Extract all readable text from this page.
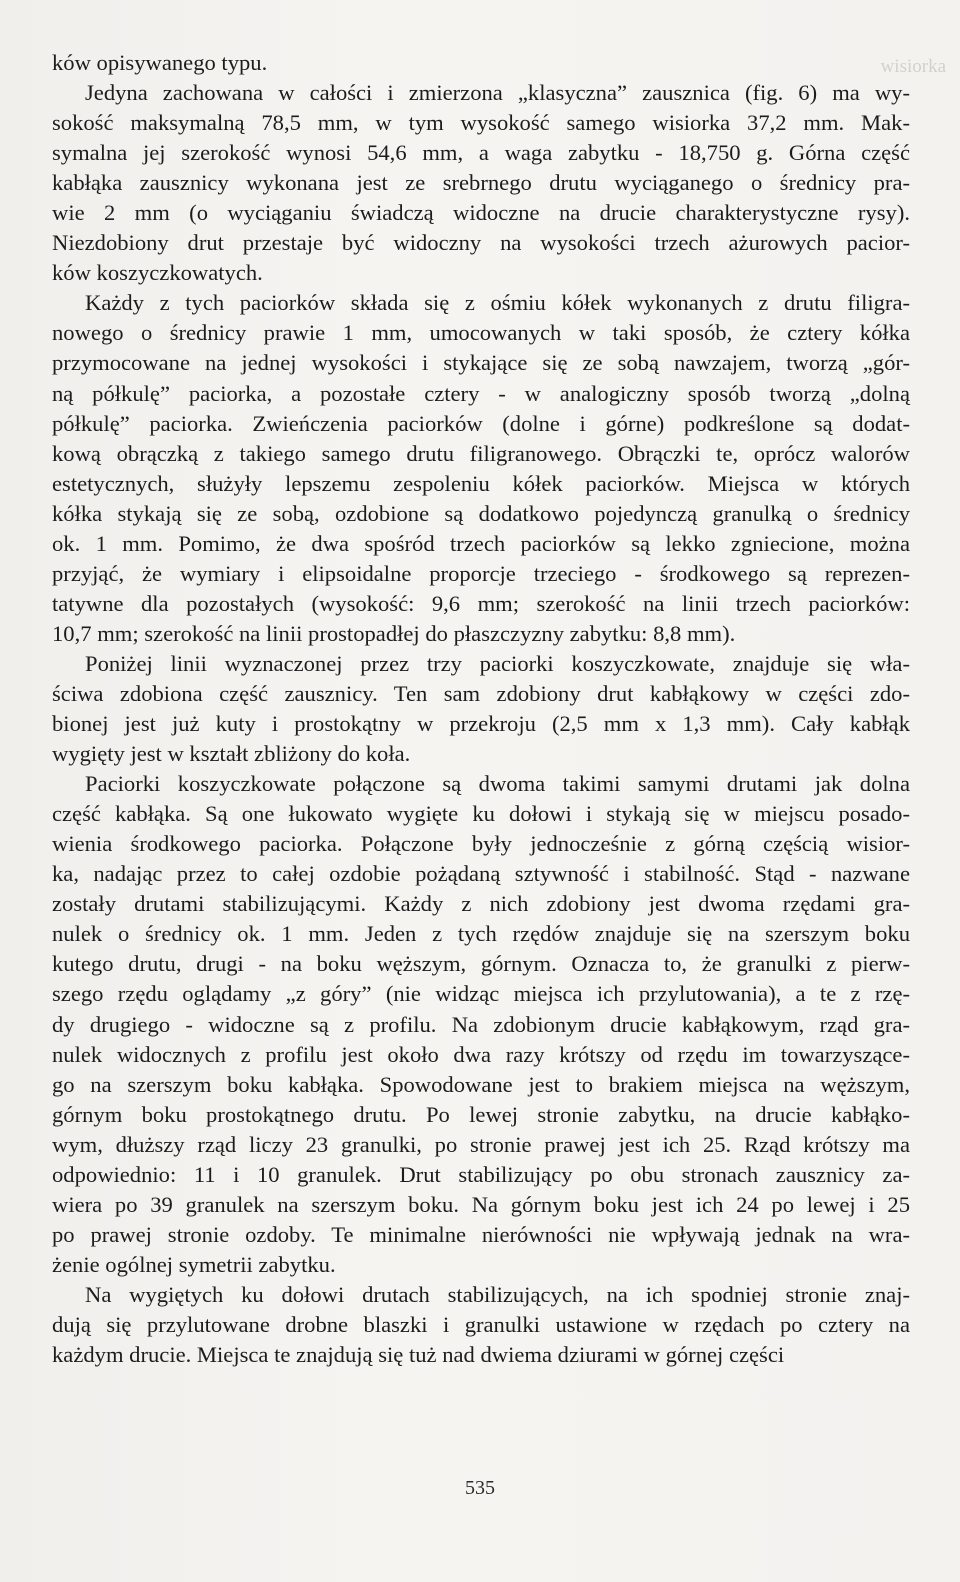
wisiorka
ków opisywanego typu.
Jedyna zachowana w całości i zmierzona „klasyczna” zausznica (fig. 6) ma wy-
sokość maksymalną 78,5 mm, w tym wysokość samego wisiorka 37,2 mm. Mak-
symalna jej szerokość wynosi 54,6 mm, a waga zabytku - 18,750 g. Górna część
kabłąka zausznicy wykonana jest ze srebrnego drutu wyciąganego o średnicy pra-
wie 2 mm (o wyciąganiu świadczą widoczne na drucie charakterystyczne rysy).
Niezdobiony drut przestaje być widoczny na wysokości trzech ażurowych pacior-
ków koszyczkowatych.
Każdy z tych paciorków składa się z ośmiu kółek wykonanych z drutu filigra-
nowego o średnicy prawie 1 mm, umocowanych w taki sposób, że cztery kółka
przymocowane na jednej wysokości i stykające się ze sobą nawzajem, tworzą „gór-
ną półkulę” paciorka, a pozostałe cztery - w analogiczny sposób tworzą „dolną
półkulę” paciorka. Zwieńczenia paciorków (dolne i górne) podkreślone są dodat-
kową obrączką z takiego samego drutu filigranowego. Obrączki te, oprócz walorów
estetycznych, służyły lepszemu zespoleniu kółek paciorków. Miejsca w których
kółka stykają się ze sobą, ozdobione są dodatkowo pojedynczą granulką o średnicy
ok. 1 mm. Pomimo, że dwa spośród trzech paciorków są lekko zgniecione, można
przyjąć, że wymiary i elipsoidalne proporcje trzeciego - środkowego są reprezen-
tatywne dla pozostałych (wysokość: 9,6 mm; szerokość na linii trzech paciorków:
10,7 mm; szerokość na linii prostopadłej do płaszczyzny zabytku: 8,8 mm).
Poniżej linii wyznaczonej przez trzy paciorki koszyczkowate, znajduje się wła-
ściwa zdobiona część zausznicy. Ten sam zdobiony drut kabłąkowy w części zdo-
bionej jest już kuty i prostokątny w przekroju (2,5 mm x 1,3 mm). Cały kabłąk
wygięty jest w kształt zbliżony do koła.
Paciorki koszyczkowate połączone są dwoma takimi samymi drutami jak dolna
część kabłąka. Są one łukowato wygięte ku dołowi i stykają się w miejscu posado-
wienia środkowego paciorka. Połączone były jednocześnie z górną częścią wisior-
ka, nadając przez to całej ozdobie pożądaną sztywność i stabilność. Stąd - nazwane
zostały drutami stabilizującymi. Każdy z nich zdobiony jest dwoma rzędami gra-
nulek o średnicy ok. 1 mm. Jeden z tych rzędów znajduje się na szerszym boku
kutego drutu, drugi - na boku węższym, górnym. Oznacza to, że granulki z pierw-
szego rzędu oglądamy „z góry” (nie widząc miejsca ich przylutowania), a te z rzę-
dy drugiego - widoczne są z profilu. Na zdobionym drucie kabłąkowym, rząd gra-
nulek widocznych z profilu jest około dwa razy krótszy od rzędu im towarzyszące-
go na szerszym boku kabłąka. Spowodowane jest to brakiem miejsca na węższym,
górnym boku prostokątnego drutu. Po lewej stronie zabytku, na drucie kabłąko-
wym, dłuższy rząd liczy 23 granulki, po stronie prawej jest ich 25. Rząd krótszy ma
odpowiednio: 11 i 10 granulek. Drut stabilizujący po obu stronach zausznicy za-
wiera po 39 granulek na szerszym boku. Na górnym boku jest ich 24 po lewej i 25
po prawej stronie ozdoby. Te minimalne nierówności nie wpływają jednak na wra-
żenie ogólnej symetrii zabytku.
Na wygiętych ku dołowi drutach stabilizujących, na ich spodniej stronie znaj-
dują się przylutowane drobne blaszki i granulki ustawione w rzędach po cztery na
każdym drucie. Miejsca te znajdują się tuż nad dwiema dziurami w górnej części
535
